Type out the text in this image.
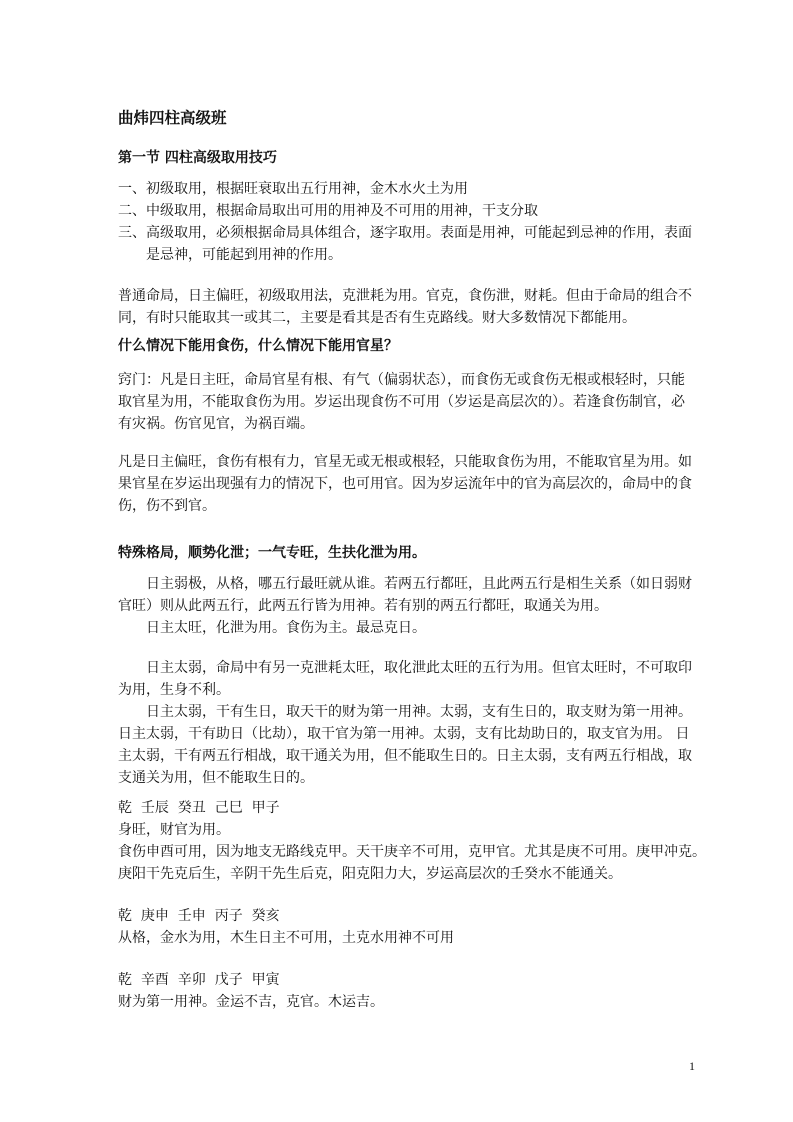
曲炜四柱高级班
第一节 四柱高级取用技巧
一、初级取用，根据旺衰取出五行用神，金木水火土为用
二、中级取用，根据命局取出可用的用神及不可用的用神，干支分取
三、高级取用，必须根据命局具体组合，逐字取用。表面是用神，可能起到忌神的作用，表面
是忌神，可能起到用神的作用。
普通命局，日主偏旺，初级取用法，克泄耗为用。官克，食伤泄，财耗。但由于命局的组合不
同，有时只能取其一或其二，主要是看其是否有生克路线。财大多数情况下都能用。
什么情况下能用食伤，什么情况下能用官星？
窍门：凡是日主旺，命局官星有根、有气（偏弱状态），而食伤无或食伤无根或根轻时，只能
取官星为用，不能取食伤为用。岁运出现食伤不可用（岁运是高层次的）。若逢食伤制官，必
有灾祸。伤官见官，为祸百端。
凡是日主偏旺，食伤有根有力，官星无或无根或根轻，只能取食伤为用，不能取官星为用。如
果官星在岁运出现强有力的情况下，也可用官。因为岁运流年中的官为高层次的，命局中的食
伤，伤不到官。
特殊格局，顺势化泄；一气专旺，生扶化泄为用。
日主弱极，从格，哪五行最旺就从谁。若两五行都旺，且此两五行是相生关系（如日弱财
官旺）则从此两五行，此两五行皆为用神。若有别的两五行都旺，取通关为用。
日主太旺，化泄为用。食伤为主。最忌克日。
日主太弱，命局中有另一克泄耗太旺，取化泄此太旺的五行为用。但官太旺时，不可取印
为用，生身不利。
日主太弱，干有生日，取天干的财为第一用神。太弱，支有生日的，取支财为第一用神。
日主太弱，干有助日（比劫），取干官为第一用神。太弱，支有比劫助日的，取支官为用。 日
主太弱，干有两五行相战，取干通关为用，但不能取生日的。日主太弱，支有两五行相战，取
支通关为用，但不能取生日的。
乾  壬辰  癸丑  己巳  甲子
身旺，财官为用。
食伤申酉可用，因为地支无路线克甲。天干庚辛不可用，克甲官。尤其是庚不可用。庚甲冲克。
庚阳干先克后生，辛阴干先生后克，阳克阳力大，岁运高层次的壬癸水不能通关。
乾  庚申  壬申  丙子  癸亥
从格，金水为用，木生日主不可用，土克水用神不可用
乾  辛酉  辛卯  戊子  甲寅
财为第一用神。金运不吉，克官。木运吉。
1
